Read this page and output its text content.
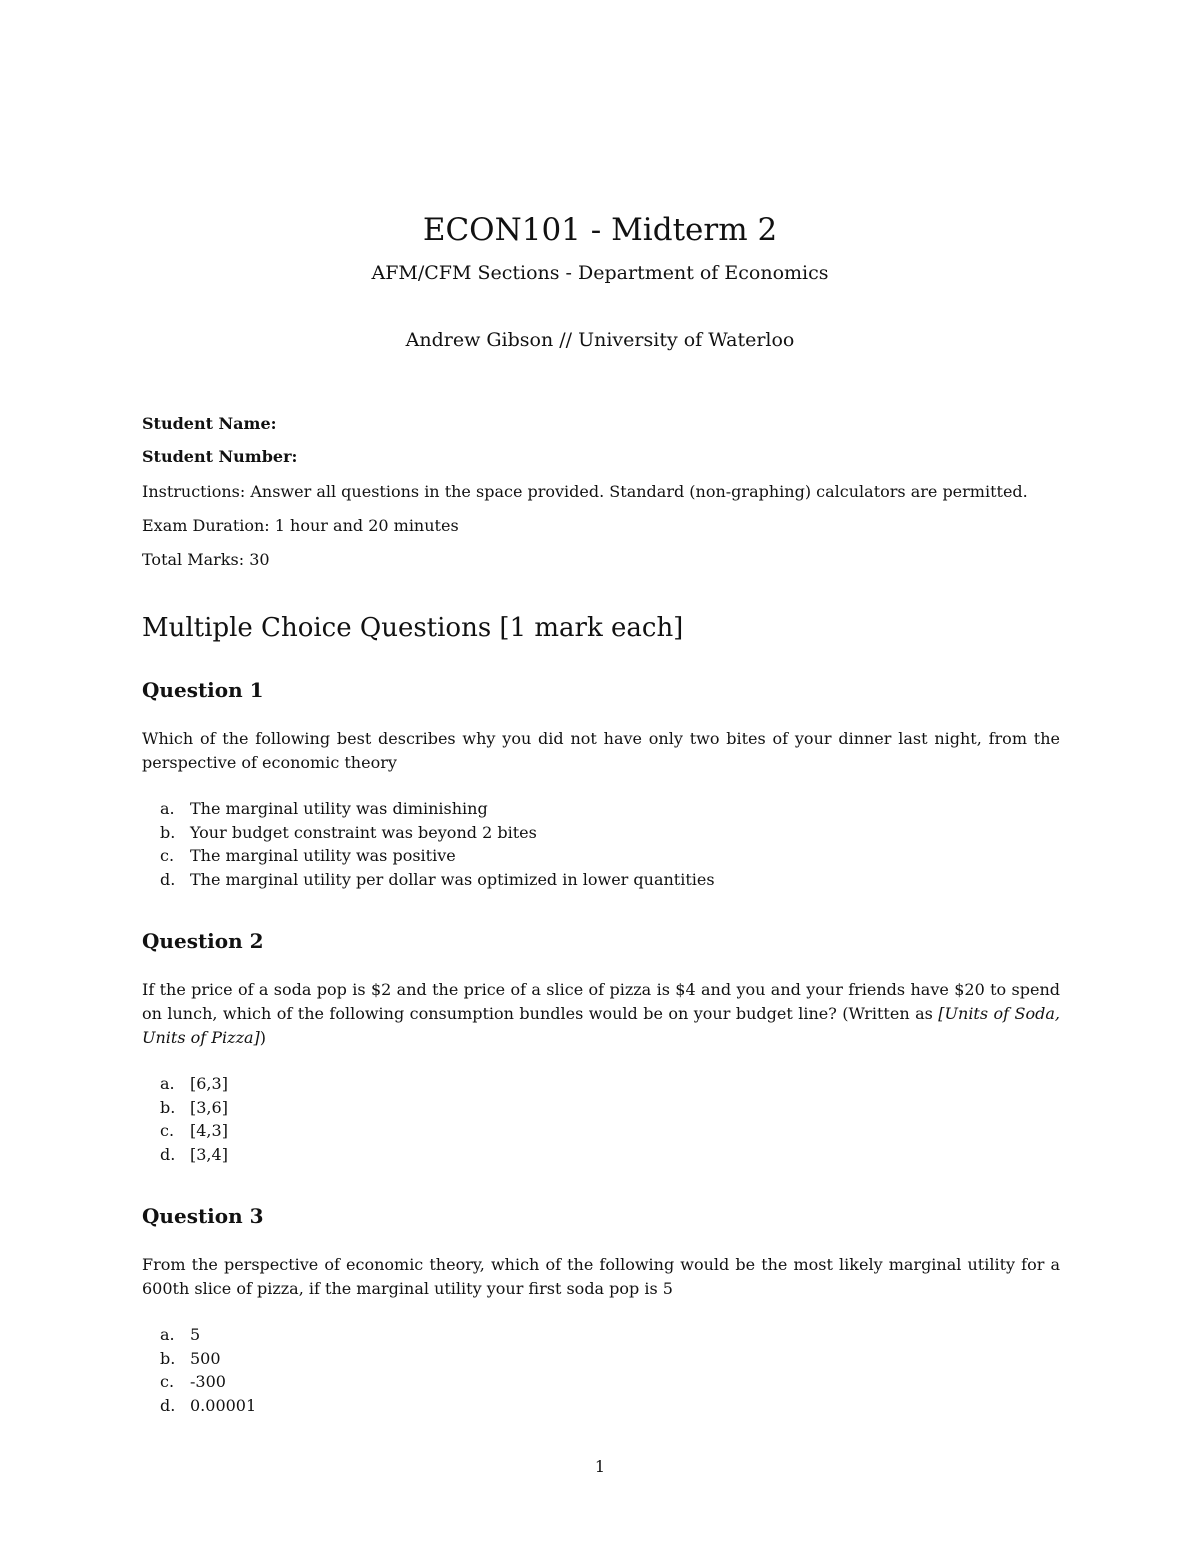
ECON101 - Midterm 2

AFM/CFM Sections - Department of Economics

Andrew Gibson // University of Waterloo

Student Name:

Student Number:

Instructions: Answer all questions in the space provided. Standard (non-graphing) calculators are permitted.

Exam Duration: 1 hour and 20 minutes

Total Marks: 30

Multiple Choice Questions [1 mark each]
Question 1

Which of the following best describes why you did not have only two bites of your dinner last night, from the perspective of economic theory

a. The marginal utility was diminishing
b. Your budget constraint was beyond 2 bites
c. The marginal utility was positive
d. The marginal utility per dollar was optimized in lower quantities
Question 2

If the price of a soda pop is $2 and the price of a slice of pizza is $4 and you and your friends have $20 to spend on lunch, which of the following consumption bundles would be on your budget line? (Written as [Units of Soda, Units of Pizza])

a. [6,3]
b. [3,6]
c. [4,3]
d. [3,4]
Question 3

From the perspective of economic theory, which of the following would be the most likely marginal utility for a 600th slice of pizza, if the marginal utility your first soda pop is 5

a. 5
b. 500
c. -300
d. 0.00001

1
